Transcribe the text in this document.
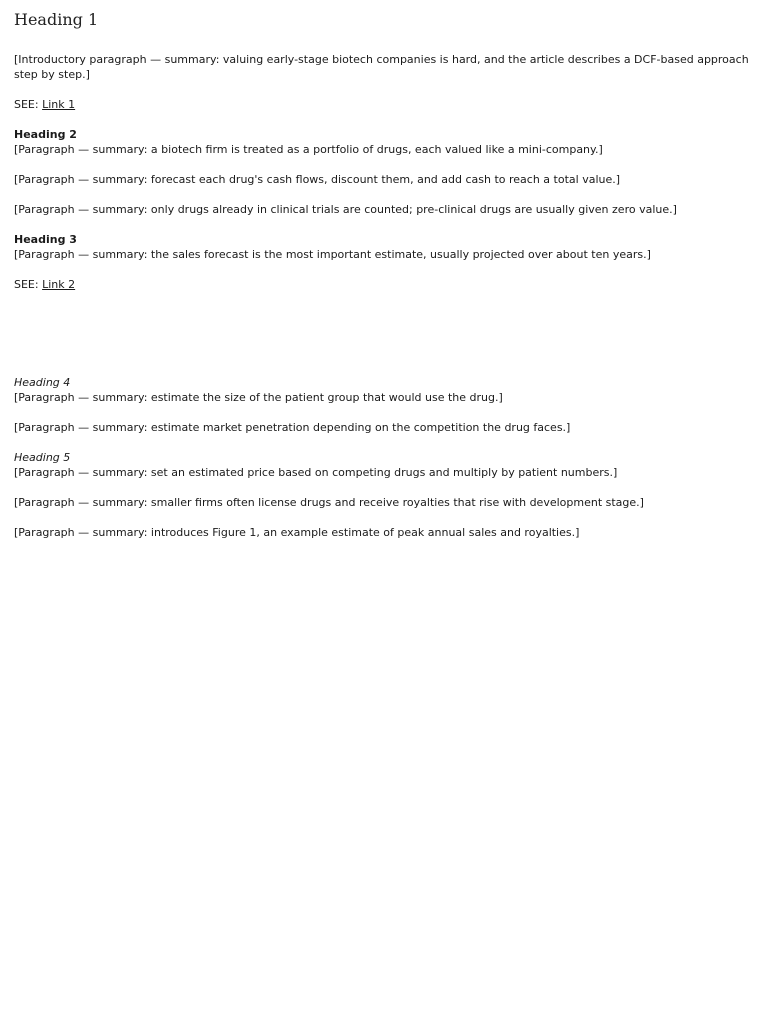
Heading 1

[Introductory paragraph — summary: valuing early-stage biotech companies is hard, and the article describes a DCF-based approach step by step.]

SEE: Link 1

Heading 2
[Paragraph — summary: a biotech firm is treated as a portfolio of drugs, each valued like a mini-company.]

[Paragraph — summary: forecast each drug's cash flows, discount them, and add cash to reach a total value.]

[Paragraph — summary: only drugs already in clinical trials are counted; pre-clinical drugs are usually given zero value.]

Heading 3
[Paragraph — summary: the sales forecast is the most important estimate, usually projected over about ten years.]

SEE: Link 2

Heading 4
[Paragraph — summary: estimate the size of the patient group that would use the drug.]

[Paragraph — summary: estimate market penetration depending on the competition the drug faces.]

Heading 5
[Paragraph — summary: set an estimated price based on competing drugs and multiply by patient numbers.]

[Paragraph — summary: smaller firms often license drugs and receive royalties that rise with development stage.]

[Paragraph — summary: introduces Figure 1, an example estimate of peak annual sales and royalties.]
